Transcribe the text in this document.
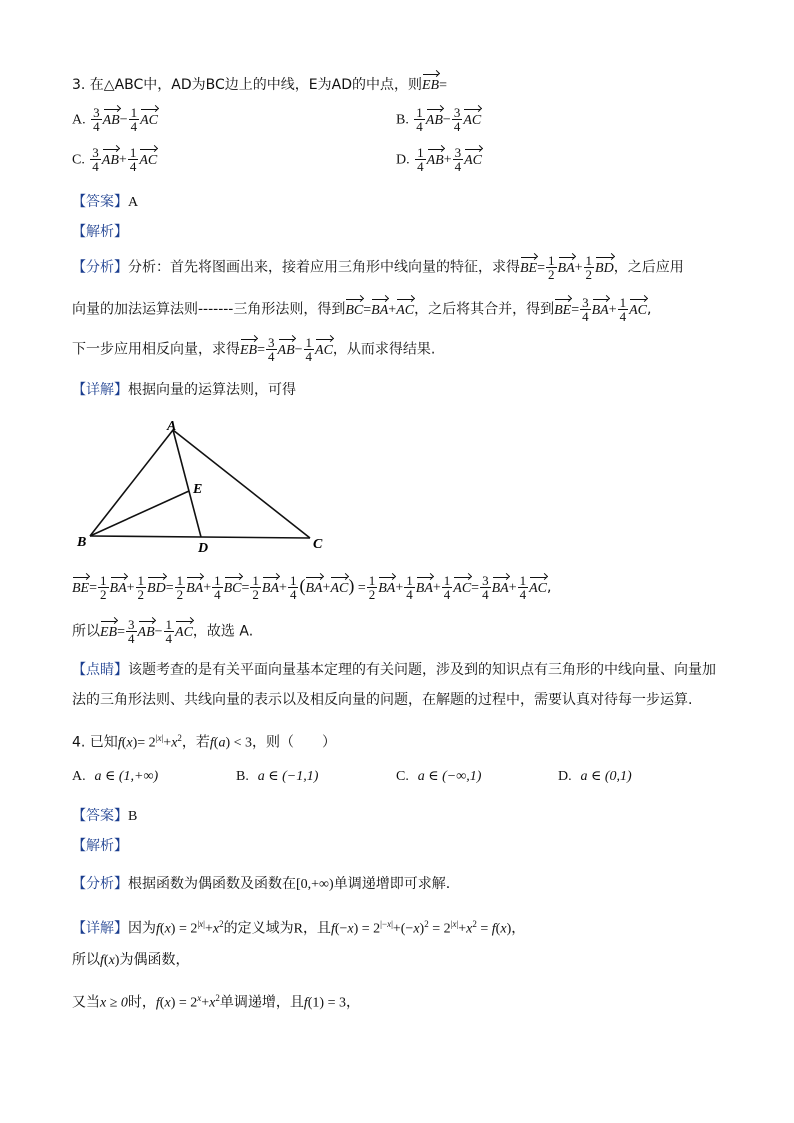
3. 在△ABC中，AD为BC边上的中线，E为AD的中点，则EB=
A. $\frac{3}{4} AB- \frac{1}{4}$ AC	B. $\frac{1}{4} AB- \frac{3}{4}$ AC
C. $\frac{3}{4} AB+ \frac{1}{4}$ AC	D. $\frac{1}{4} AB+ \frac{3}{4}$ AC
【答案】A
【解析】
【分析】分析：首先将图画出来，接着应用三角形中线向量的特征，求得$BE= \frac{1}{2} BA+ \frac{1}{2}$ BD，之后应用
向量的加法运算法则-------三角形法则，得到BC=BA+AC，之后将其合并，得到$BE= \frac{3}{4} BA+ \frac{1}{4}$ AC,
下一步应用相反向量，求得$EB= \frac{3}{4} AB- \frac{1}{4}$ AC，从而求得结果.
【详解】根据向量的运算法则，可得
A
B	C
D
E
$BE= \frac{1}{2} BA+ \frac{1}{2} BD= \frac{1}{2} BA+ \frac{1}{4} BC= \frac{1}{2} BA+ \frac{1}{4} (BA+AC) = \frac{1}{2} BA+ \frac{1}{4} BA+ \frac{1}{4} AC= \frac{3}{4} BA+ \frac{1}{4}$ AC,
所以$EB= \frac{3}{4} AB- \frac{1}{4}$ AC，故选 A.
【点睛】该题考查的是有关平面向量基本定理的有关问题，涉及到的知识点有三角形的中线向量、向量加
法的三角形法则、共线向量的表示以及相反向量的问题，在解题的过程中，需要认真对待每一步运算.
4. 已知$f(x)= 2^{|x|}+x^2$，若f(a) < 3，则（　　）
A. a ∈ (1,+∞)	B. a ∈ (−1,1)	C. a ∈ (−∞,1)	D. a ∈ (0,1)
【答案】B
【解析】
【分析】根据函数为偶函数及函数在[0,+∞)单调递增即可求解.
【详解】因为$f(x) = 2^{|x|}+x^2$的定义域为R，且$f(-x) = 2^{|-x|}+(-x)^2 = 2^{|x|}+x^2 = f(x)$，
所以f(x)为偶函数，
又当x ≥ 0时，$f(x) = 2^x+x^2$单调递增，且f(1) = 3，
